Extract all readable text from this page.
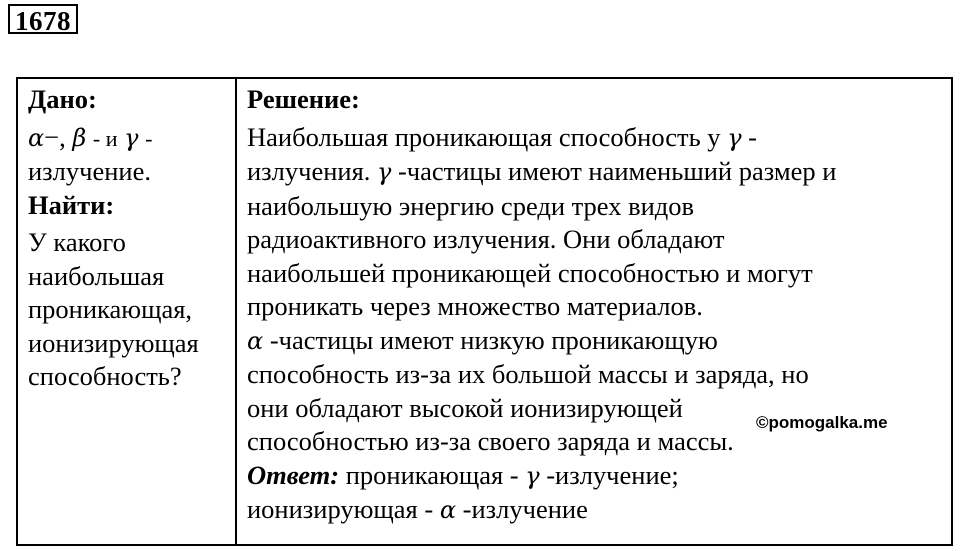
1678
Дано:
α−, β - и γ -
излучение.
Найти:
У какого
наибольшая
проникающая,
ионизирующая
способность?
Решение:
Наибольшая проникающая способность у γ -
излучения. γ -частицы имеют наименьший размер и
наибольшую энергию среди трех видов
радиоактивного излучения. Они обладают
наибольшей проникающей способностью и могут
проникать через множество материалов.
α -частицы имеют низкую проникающую
способность из-за их большой массы и заряда, но
они обладают высокой ионизирующей
способностью из-за своего заряда и массы.
Ответ: проникающая - γ -излучение;
ионизирующая - α -излучение
©pomogalka.me
